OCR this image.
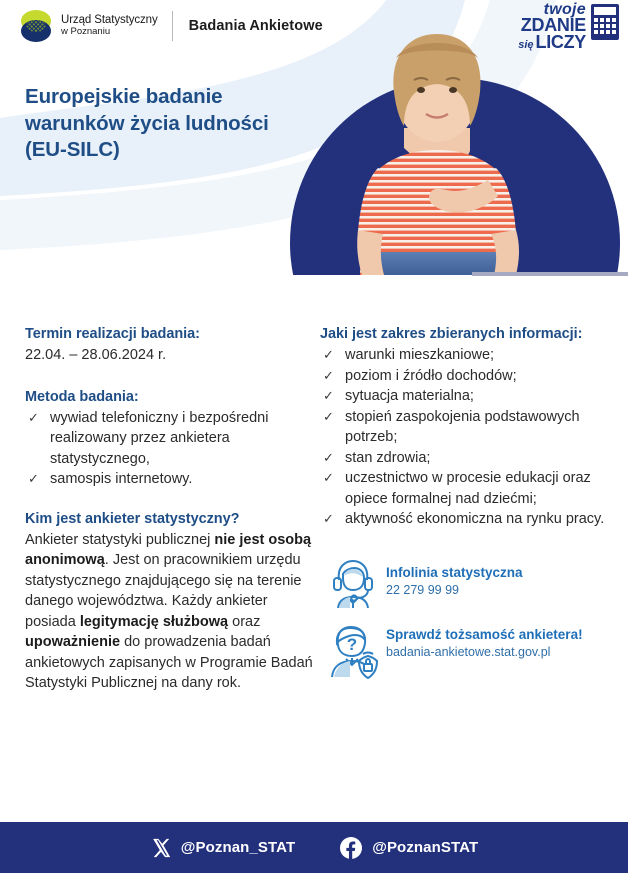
Urząd Statystyczny
w Poznaniu	Badania Ankietowe
twoje
ZDANIE
się LICZY
Europejskie badanie warunków życia ludności (EU-SILC)
Termin realizacji badania:

22.04. – 28.06.2024 r.

Metoda badania:
✓ wywiad telefoniczny i bezpośredni realizowany przez ankietera statystycznego,
✓ samospis internetowy.
Kim jest ankieter statystyczny?

Ankieter statystyki publicznej nie jest osobą anonimową. Jest on pracownikiem urzędu statystycznego znajdującego się na terenie danego województwa. Każdy ankieter posiada legitymację służbową oraz upoważnienie do prowadzenia badań ankietowych zapisanych w Programie Badań Statystyki Publicznej na dany rok.

Jaki jest zakres zbieranych informacji:
✓ warunki mieszkaniowe;
✓ poziom i źródło dochodów;
✓ sytuacja materialna;
✓ stopień zaspokojenia podstawowych potrzeb;
✓ stan zdrowia;
✓ uczestnictwo w procesie edukacji oraz opiece formalnej nad dziećmi;
✓ aktywność ekonomiczna na rynku pracy.
Infolinia statystyczna
22 279 99 99
?
Sprawdź tożsamość ankietera!
badania-ankietowe.stat.gov.pl
@Poznan_STAT	@PoznanSTAT
